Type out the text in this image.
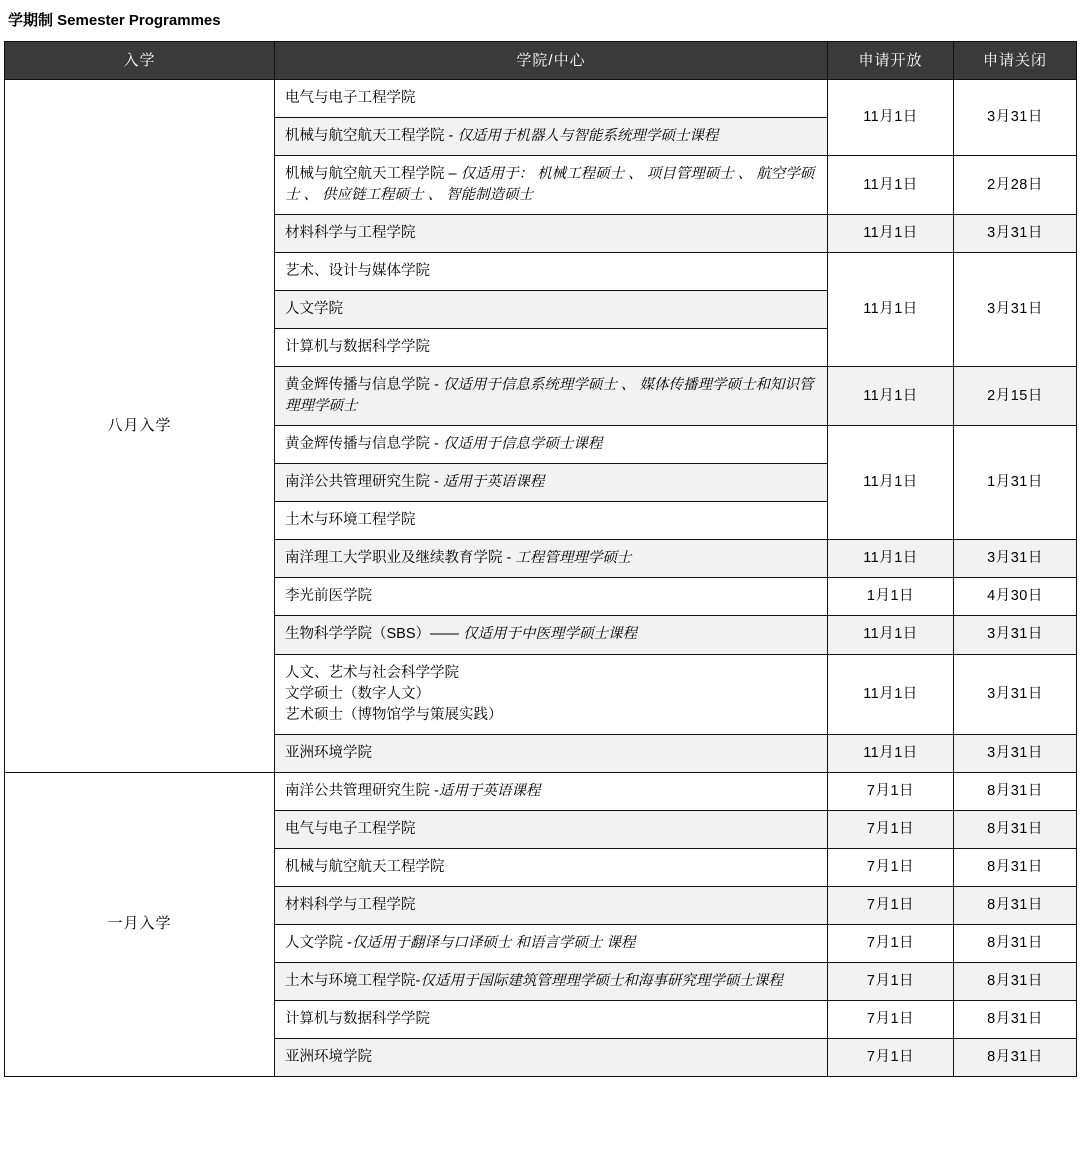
学期制 Semester Programmes
入学	学院/中心	申请开放	申请关闭
八月入学	电气与电子工程学院	11月1日	3月31日
	机械与航空航天工程学院 - 仅适用于机器人与智能系统理学硕士课程		
	机械与航空航天工程学院 – 仅适用于： 机械工程硕士 、 项目管理硕士 、 航空学硕士 、 供应链工程硕士 、 智能制造硕士	11月1日	2月28日
	材料科学与工程学院	11月1日	3月31日
	艺术、设计与媒体学院	11月1日	3月31日
	人文学院		
	计算机与数据科学学院		
	黄金辉传播与信息学院 - 仅适用于信息系统理学硕士 、 媒体传播理学硕士和知识管理理学硕士	11月1日	2月15日
	黄金辉传播与信息学院 - 仅适用于信息学硕士课程	11月1日	1月31日
	南洋公共管理研究生院 - 适用于英语课程		
	土木与环境工程学院		
	南洋理工大学职业及继续教育学院 - 工程管理理学硕士	11月1日	3月31日
	李光前医学院	1月1日	4月30日
	生物科学学院（SBS）—— 仅适用于中医理学硕士课程	11月1日	3月31日

	人文、艺术与社会科学学院
文学硕士（数字人文）
艺术硕士（博物馆学与策展实践）	11月1日	3月31日
	亚洲环境学院	11月1日	3月31日
一月入学	南洋公共管理研究生院 -适用于英语课程	7月1日	8月31日
	电气与电子工程学院	7月1日	8月31日
	机械与航空航天工程学院	7月1日	8月31日
	材料科学与工程学院	7月1日	8月31日
	人文学院 -仅适用于翻译与口译硕士 和语言学硕士 课程	7月1日	8月31日
	土木与环境工程学院-仅适用于国际建筑管理理学硕士和海事研究理学硕士课程	7月1日	8月31日
	计算机与数据科学学院	7月1日	8月31日
	亚洲环境学院	7月1日	8月31日
